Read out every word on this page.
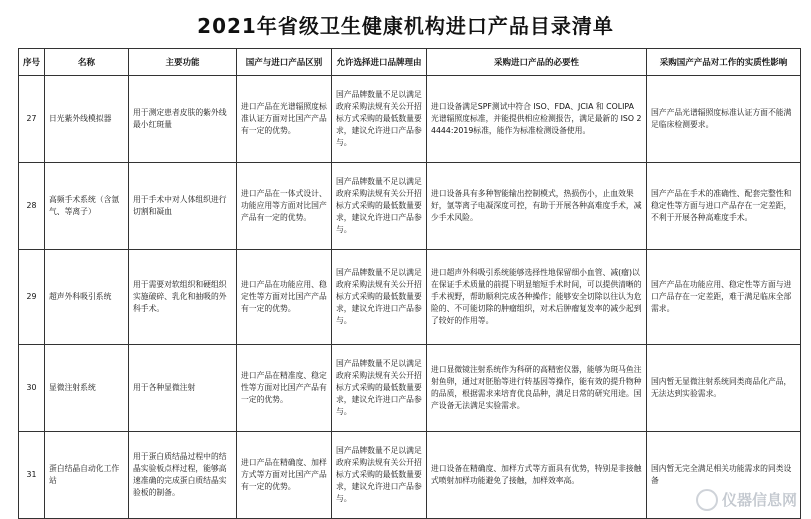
2021年省级卫生健康机构进口产品目录清单
序号	名称	主要功能	国产与进口产品区别	允许选择进口品牌理由	采购进口产品的必要性	采购国产产品对工作的实质性影响
27	日光紫外线模拟器	用于测定患者皮肤的紫外线最小红斑量	进口产品在光谱辐照度标准认证方面对比国产产品有一定的优势。	国产品牌数量不足以满足政府采购法规有关公开招标方式采购的最低数量要求，建议允许进口产品参与。	进口设备满足SPF测试中符合 ISO、FDA、JCIA 和 COLIPA 光谱辐照度标准，并能提供相应检测报告，满足最新的 ISO 24444:2019标准，能作为标准检测设备使用。	国产产品光谱辐照度标准认证方面不能满足临床检测要求。
28	高频手术系统（含氩气、等离子）	用于手术中对人体组织进行切割和凝血	进口产品在一体式设计、功能应用等方面对比国产产品有一定的优势。	国产品牌数量不足以满足政府采购法规有关公开招标方式采购的最低数量要求，建议允许进口产品参与。	进口设备具有多种智能输出控制模式，热损伤小，止血效果好，氩等离子电凝深度可控，有助于开展各种高难度手术，减少手术风险。	国产产品在手术的准确性、配套完整性和稳定性等方面与进口产品存在一定差距，不利于开展各种高难度手术。
29	超声外科吸引系统	用于需要对软组织和硬组织实施破碎、乳化和抽吸的外科手术。	进口产品在功能应用、稳定性等方面对比国产产品有一定的优势。	国产品牌数量不足以满足政府采购法规有关公开招标方式采购的最低数量要求，建议允许进口产品参与。	进口超声外科吸引系统能够选择性地保留细小血管、减(瘤)以在保证手术质量的前提下明显缩短手术时间，可以提供清晰的手术视野，帮助顺利完成各种操作；能够安全切除以往认为危险的、不可能切除的肿瘤组织，对术后肿瘤复发率的减少起到了较好的作用等。	国产产品在功能应用、稳定性等方面与进口产品存在一定差距，难于满足临床全部需求。
30	显微注射系统	用于各种显微注射	进口产品在精准度、稳定性等方面对比国产产品有一定的优势。	国产品牌数量不足以满足政府采购法规有关公开招标方式采购的最低数量要求，建议允许进口产品参与。	进口显微镜注射系统作为科研的高精密仪器，能够为斑马鱼注射鱼卵，通过对胚胎等进行转基因等操作，能有效的提升物种的品质，根据需求来培育优良品种，满足日常的研究用途。国产设备无法满足实验需求。	国内暂无显微注射系统同类商品化产品，无法达到实验需求。
31	蛋白结晶自动化工作站	用于蛋白质结晶过程中的结晶实验板点样过程，能够高速准确的完成蛋白质结晶实验板的制备。	进口产品在精确度、加样方式等方面对比国产产品有一定的优势。	国产品牌数量不足以满足政府采购法规有关公开招标方式采购的最低数量要求，建议允许进口产品参与。	进口设备在精确度、加样方式等方面具有优势，特别是非接触式喷射加样功能避免了接触，加样效率高。	国内暂无完全满足相关功能需求的同类设备
仪器信息网
